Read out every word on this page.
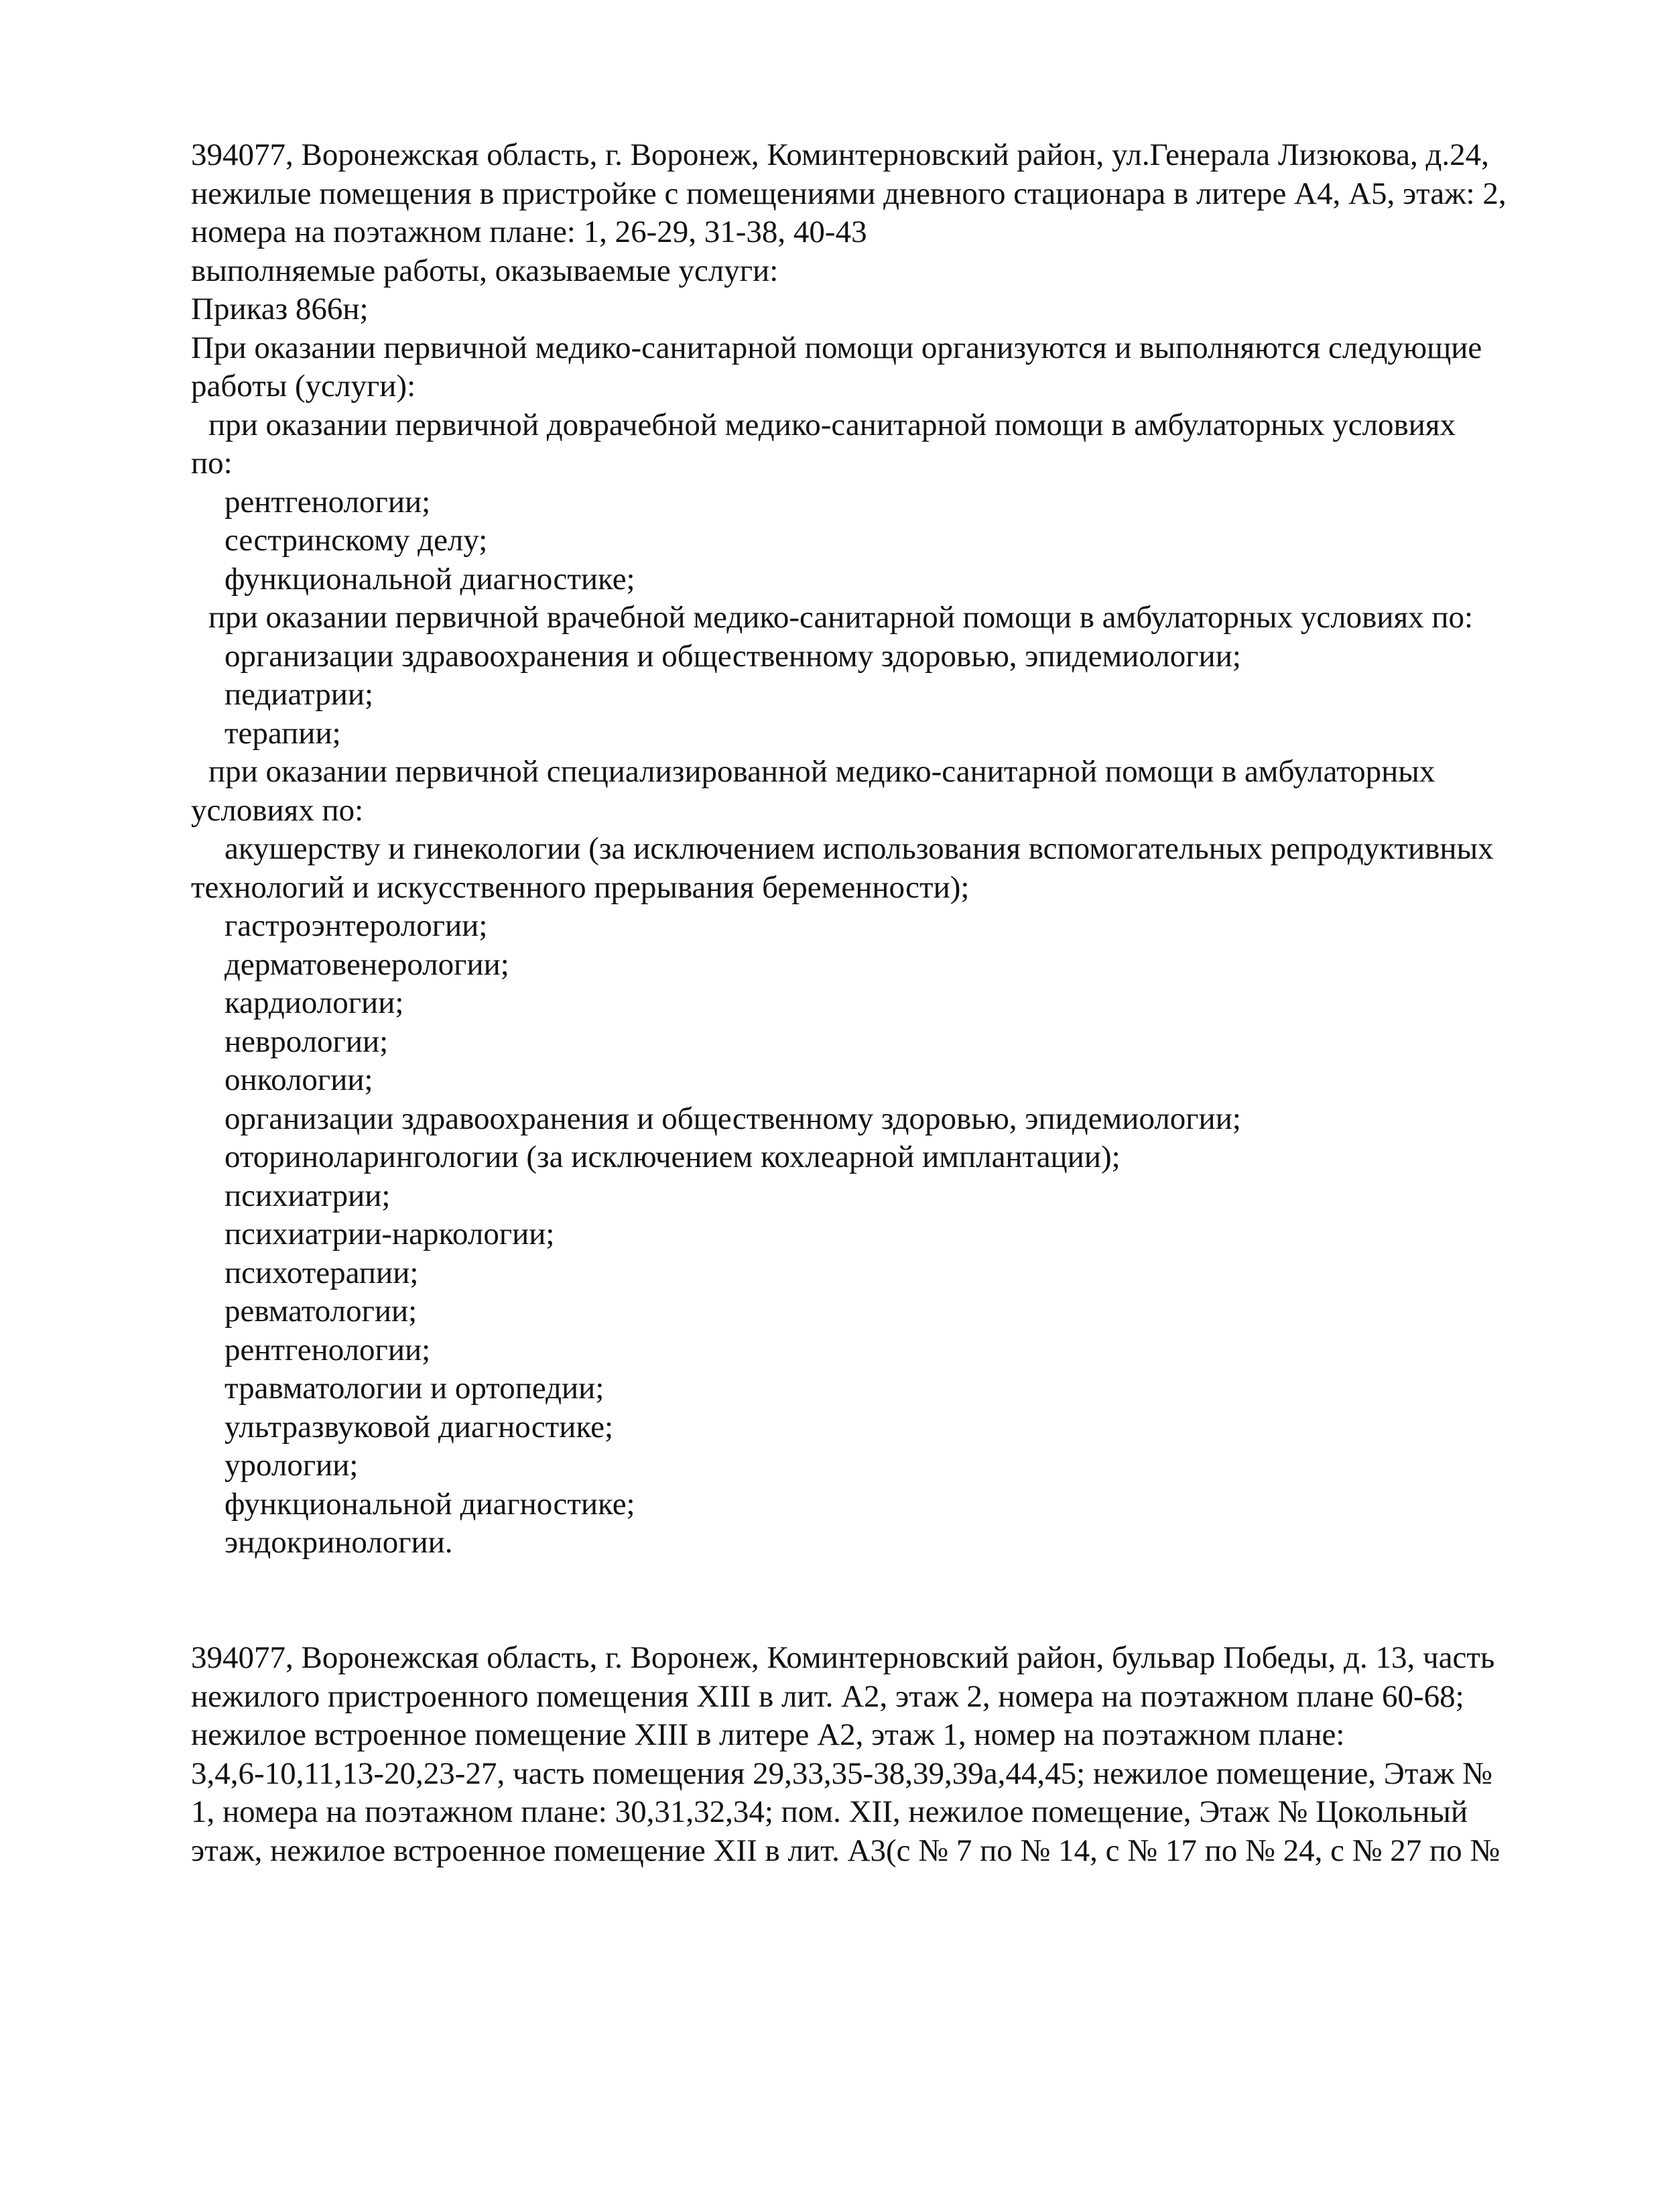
394077, Воронежская область, г. Воронеж, Коминтерновский район, ул.Генерала Лизюкова, д.24,
нежилые помещения в пристройке с помещениями дневного стационара в литере А4, А5, этаж: 2,
номера на поэтажном плане: 1, 26-29, 31-38, 40-43
выполняемые работы, оказываемые услуги:
Приказ 866н;
При оказании первичной медико-санитарной помощи организуются и выполняются следующие
работы (услуги):
при оказании первичной доврачебной медико-санитарной помощи в амбулаторных условиях
по:
рентгенологии;
сестринскому делу;
функциональной диагностике;
при оказании первичной врачебной медико-санитарной помощи в амбулаторных условиях по:
организации здравоохранения и общественному здоровью, эпидемиологии;
педиатрии;
терапии;
при оказании первичной специализированной медико-санитарной помощи в амбулаторных
условиях по:
акушерству и гинекологии (за исключением использования вспомогательных репродуктивных
технологий и искусственного прерывания беременности);
гастроэнтерологии;
дерматовенерологии;
кардиологии;
неврологии;
онкологии;
организации здравоохранения и общественному здоровью, эпидемиологии;
оториноларингологии (за исключением кохлеарной имплантации);
психиатрии;
психиатрии-наркологии;
психотерапии;
ревматологии;
рентгенологии;
травматологии и ортопедии;
ультразвуковой диагностике;
урологии;
функциональной диагностике;
эндокринологии.
394077, Воронежская область, г. Воронеж, Коминтерновский район, бульвар Победы, д. 13, часть
нежилого пристроенного помещения XIII в лит. А2, этаж 2, номера на поэтажном плане 60-68;
нежилое встроенное помещение XIII в литере А2, этаж 1, номер на поэтажном плане:
3,4,6-10,11,13-20,23-27, часть помещения 29,33,35-38,39,39а,44,45; нежилое помещение, Этаж №
1, номера на поэтажном плане: 30,31,32,34; пом. XII, нежилое помещение, Этаж № Цокольный
этаж, нежилое встроенное помещение XII в лит. А3(с № 7 по № 14, с № 17 по № 24, с № 27 по №
